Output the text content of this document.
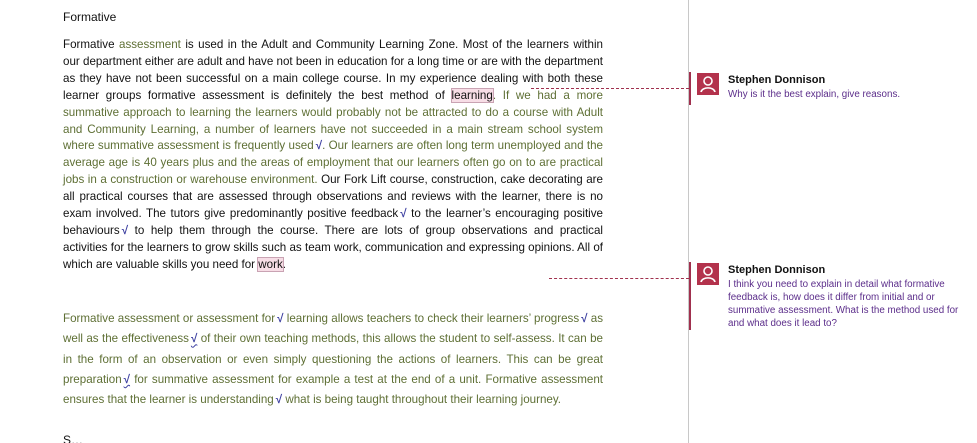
Formative

Formative assessment is used in the Adult and Community Learning Zone. Most of the learners within our department either are adult and have not been in education for a long time or are with the department as they have not been successful on a main college course. In my experience dealing with both these learner groups formative assessment is definitely the best method of learning. If we had a more summative approach to learning the learners would probably not be attracted to do a course with Adult and Community Learning, a number of learners have not succeeded in a main stream school system where summative assessment is frequently used √. Our learners are often long term unemployed and the average age is 40 years plus and the areas of employment that our learners often go on to are practical jobs in a construction or warehouse environment. Our Fork Lift course, construction, cake decorating are all practical courses that are assessed through observations and reviews with the learner, there is no exam involved. The tutors give predominantly positive feedback √ to the learner’s encouraging positive behaviours √ to help them through the course. There are lots of group observations and practical activities for the learners to grow skills such as team work, communication and expressing opinions. All of which are valuable skills you need for work.

Formative assessment or assessment for √ learning allows teachers to check their learners’ progress √ as well as the effectiveness √ of their own teaching methods, this allows the student to self-assess. It can be in the form of an observation or even simply questioning the actions of learners. This can be great preparation √ for summative assessment for example a test at the end of a unit. Formative assessment ensures that the learner is understanding √ what is being taught throughout their learning journey.

Stephen Donnison
Why is it the best explain, give reasons.
Stephen Donnison
I think you need to explain in detail what formative feedback is, how does it differ from initial and or summative assessment. What is the method used for and what does it lead to?
S…
